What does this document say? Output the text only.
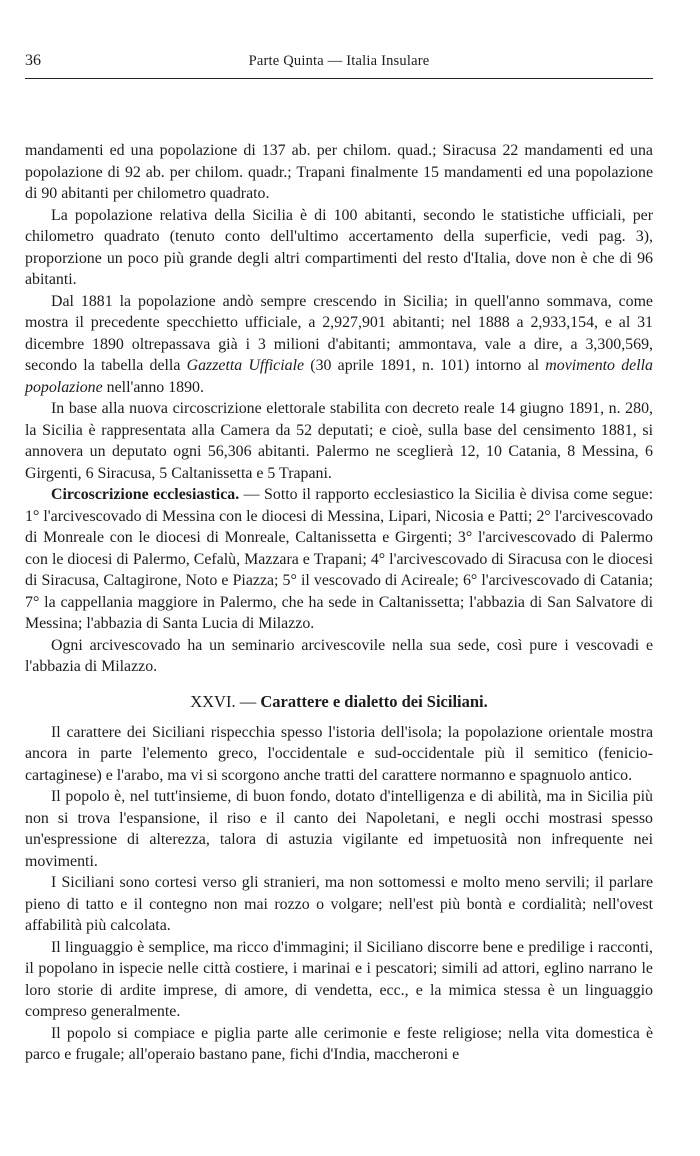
36	Parte Quinta — Italia Insulare

mandamenti ed una popolazione di 137 ab. per chilom. quad.; Siracusa 22 mandamenti ed una popolazione di 92 ab. per chilom. quadr.; Trapani finalmente 15 mandamenti ed una popolazione di 90 abitanti per chilometro quadrato.

La popolazione relativa della Sicilia è di 100 abitanti, secondo le statistiche ufficiali, per chilometro quadrato (tenuto conto dell'ultimo accertamento della superficie, vedi pag. 3), proporzione un poco più grande degli altri compartimenti del resto d'Italia, dove non è che di 96 abitanti.

Dal 1881 la popolazione andò sempre crescendo in Sicilia; in quell'anno sommava, come mostra il precedente specchietto ufficiale, a 2,927,901 abitanti; nel 1888 a 2,933,154, e al 31 dicembre 1890 oltrepassava già i 3 milioni d'abitanti; ammontava, vale a dire, a 3,300,569, secondo la tabella della Gazzetta Ufficiale (30 aprile 1891, n. 101) intorno al movimento della popolazione nell'anno 1890.

In base alla nuova circoscrizione elettorale stabilita con decreto reale 14 giugno 1891, n. 280, la Sicilia è rappresentata alla Camera da 52 deputati; e cioè, sulla base del censimento 1881, si annovera un deputato ogni 56,306 abitanti. Palermo ne sceglierà 12, 10 Catania, 8 Messina, 6 Girgenti, 6 Siracusa, 5 Caltanissetta e 5 Trapani.

Circoscrizione ecclesiastica. — Sotto il rapporto ecclesiastico la Sicilia è divisa come segue: 1° l'arcivescovado di Messina con le diocesi di Messina, Lipari, Nicosia e Patti; 2° l'arcivescovado di Monreale con le diocesi di Monreale, Caltanissetta e Girgenti; 3° l'arcivescovado di Palermo con le diocesi di Palermo, Cefalù, Mazzara e Trapani; 4° l'arcivescovado di Siracusa con le diocesi di Siracusa, Caltagirone, Noto e Piazza; 5° il vescovado di Acireale; 6° l'arcivescovado di Catania; 7° la cappellania maggiore in Palermo, che ha sede in Caltanissetta; l'abbazia di San Salvatore di Messina; l'abbazia di Santa Lucia di Milazzo.

Ogni arcivescovado ha un seminario arcivescovile nella sua sede, così pure i vescovadi e l'abbazia di Milazzo.

XXVI. — Carattere e dialetto dei Siciliani.

Il carattere dei Siciliani rispecchia spesso l'istoria dell'isola; la popolazione orientale mostra ancora in parte l'elemento greco, l'occidentale e sud-occidentale più il semitico (fenicio-cartaginese) e l'arabo, ma vi si scorgono anche tratti del carattere normanno e spagnuolo antico.

Il popolo è, nel tutt'insieme, di buon fondo, dotato d'intelligenza e di abilità, ma in Sicilia più non si trova l'espansione, il riso e il canto dei Napoletani, e negli occhi mostrasi spesso un'espressione di alterezza, talora di astuzia vigilante ed impetuosità non infrequente nei movimenti.

I Siciliani sono cortesi verso gli stranieri, ma non sottomessi e molto meno servili; il parlare pieno di tatto e il contegno non mai rozzo o volgare; nell'est più bontà e cordialità; nell'ovest affabilità più calcolata.

Il linguaggio è semplice, ma ricco d'immagini; il Siciliano discorre bene e predilige i racconti, il popolano in ispecie nelle città costiere, i marinai e i pescatori; simili ad attori, eglino narrano le loro storie di ardite imprese, di amore, di vendetta, ecc., e la mimica stessa è un linguaggio compreso generalmente.

Il popolo si compiace e piglia parte alle cerimonie e feste religiose; nella vita domestica è parco e frugale; all'operaio bastano pane, fichi d'India, maccheroni e
